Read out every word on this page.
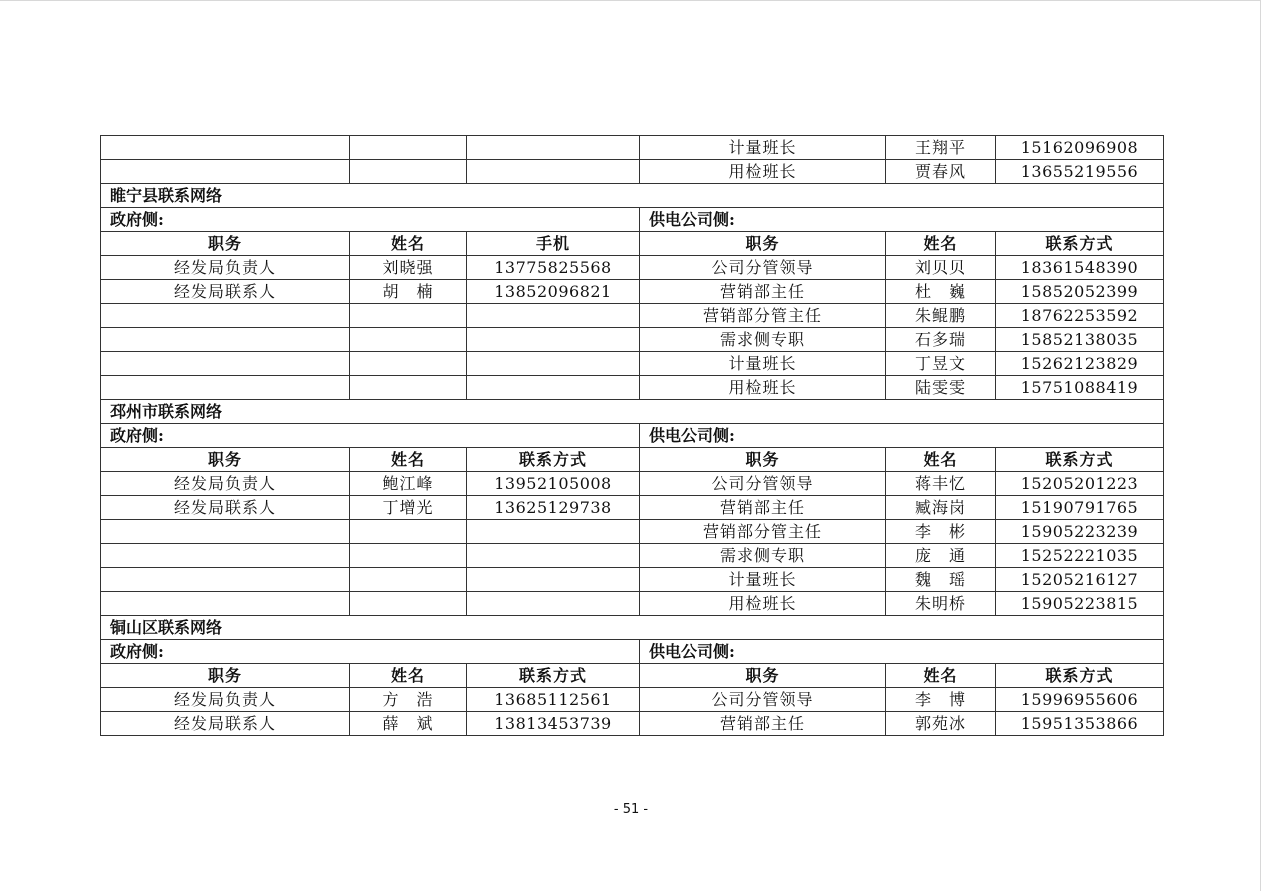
			计量班长	王翔平	15162096908
			用检班长	贾春风	13655219556
睢宁县联系网络					
政府侧:			供电公司侧:		
职务	姓名	手机	职务	姓名	联系方式
经发局负责人	刘晓强	13775825568	公司分管领导	刘贝贝	18361548390
经发局联系人	胡　楠	13852096821	营销部主任	杜　巍	15852052399
			营销部分管主任	朱鲲鹏	18762253592
			需求侧专职	石多瑞	15852138035
			计量班长	丁昱文	15262123829
			用检班长	陆雯雯	15751088419
邳州市联系网络					
政府侧:			供电公司侧:		
职务	姓名	联系方式	职务	姓名	联系方式
经发局负责人	鲍江峰	13952105008	公司分管领导	蒋丰忆	15205201223
经发局联系人	丁增光	13625129738	营销部主任	臧海岗	15190791765
			营销部分管主任	李　彬	15905223239
			需求侧专职	庞　通	15252221035
			计量班长	魏　瑶	15205216127
			用检班长	朱明桥	15905223815
铜山区联系网络					
政府侧:			供电公司侧:		
职务	姓名	联系方式	职务	姓名	联系方式
经发局负责人	方　浩	13685112561	公司分管领导	李　博	15996955606
经发局联系人	薛　斌	13813453739	营销部主任	郭苑冰	15951353866
- 51 -
